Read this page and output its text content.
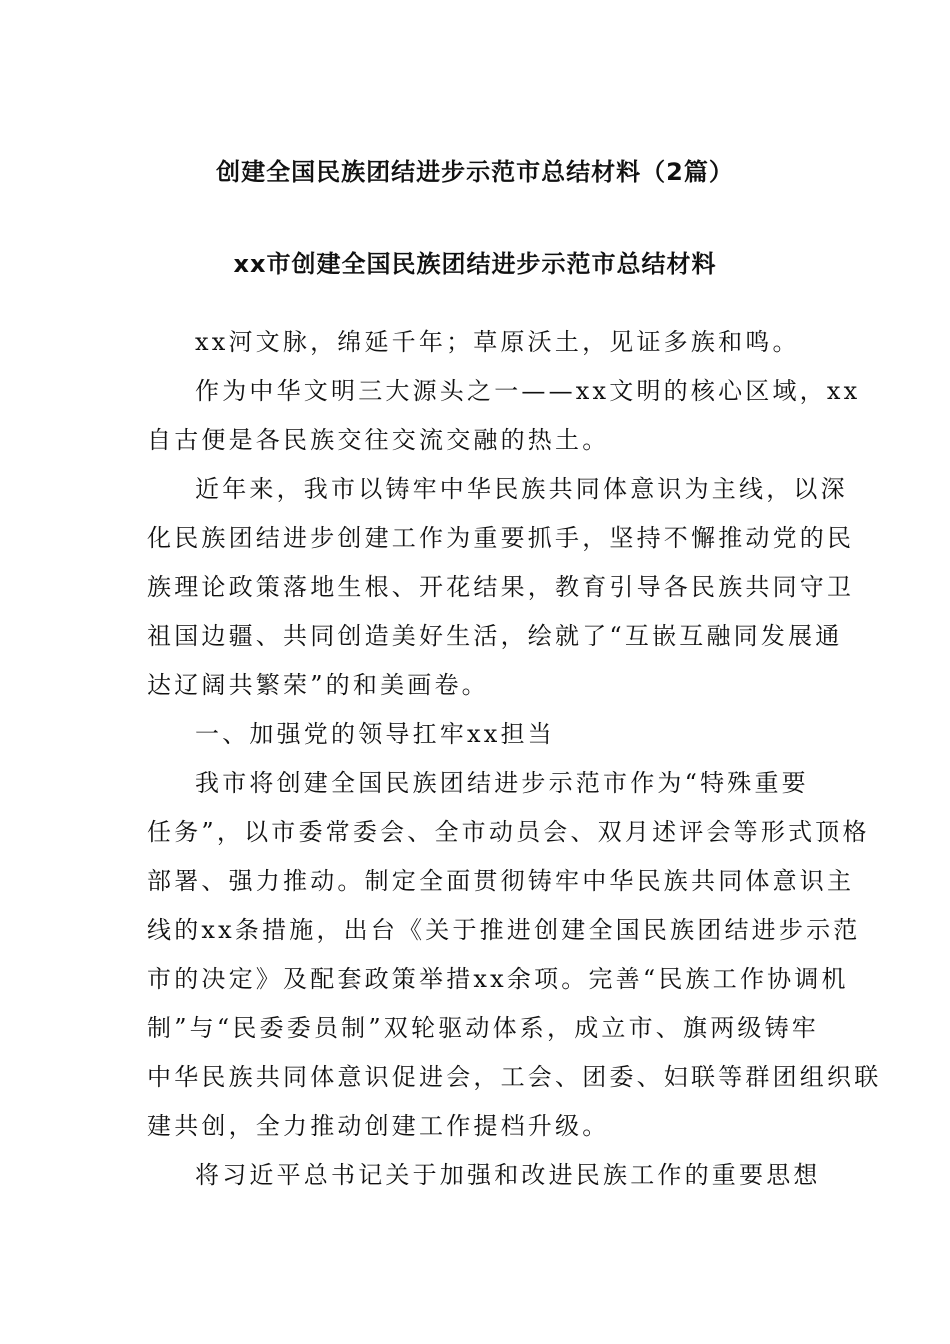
创建全国民族团结进步示范市总结材料（2篇）
xx市创建全国民族团结进步示范市总结材料

xx河文脉，绵延千年；草原沃土，见证多族和鸣。

作为中华文明三大源头之一——xx文明的核心区域，xx
自古便是各民族交往交流交融的热土。

近年来，我市以铸牢中华民族共同体意识为主线，以深
化民族团结进步创建工作为重要抓手，坚持不懈推动党的民
族理论政策落地生根、开花结果，教育引导各民族共同守卫
祖国边疆、共同创造美好生活，绘就了“互嵌互融同发展通
达辽阔共繁荣”的和美画卷。

一、加强党的领导扛牢xx担当

我市将创建全国民族团结进步示范市作为“特殊重要
任务”，以市委常委会、全市动员会、双月述评会等形式顶格
部署、强力推动。制定全面贯彻铸牢中华民族共同体意识主
线的xx条措施，出台《关于推进创建全国民族团结进步示范
市的决定》及配套政策举措xx余项。完善“民族工作协调机
制”与“民委委员制”双轮驱动体系，成立市、旗两级铸牢
中华民族共同体意识促进会，工会、团委、妇联等群团组织联
建共创，全力推动创建工作提档升级。

将习近平总书记关于加强和改进民族工作的重要思想
